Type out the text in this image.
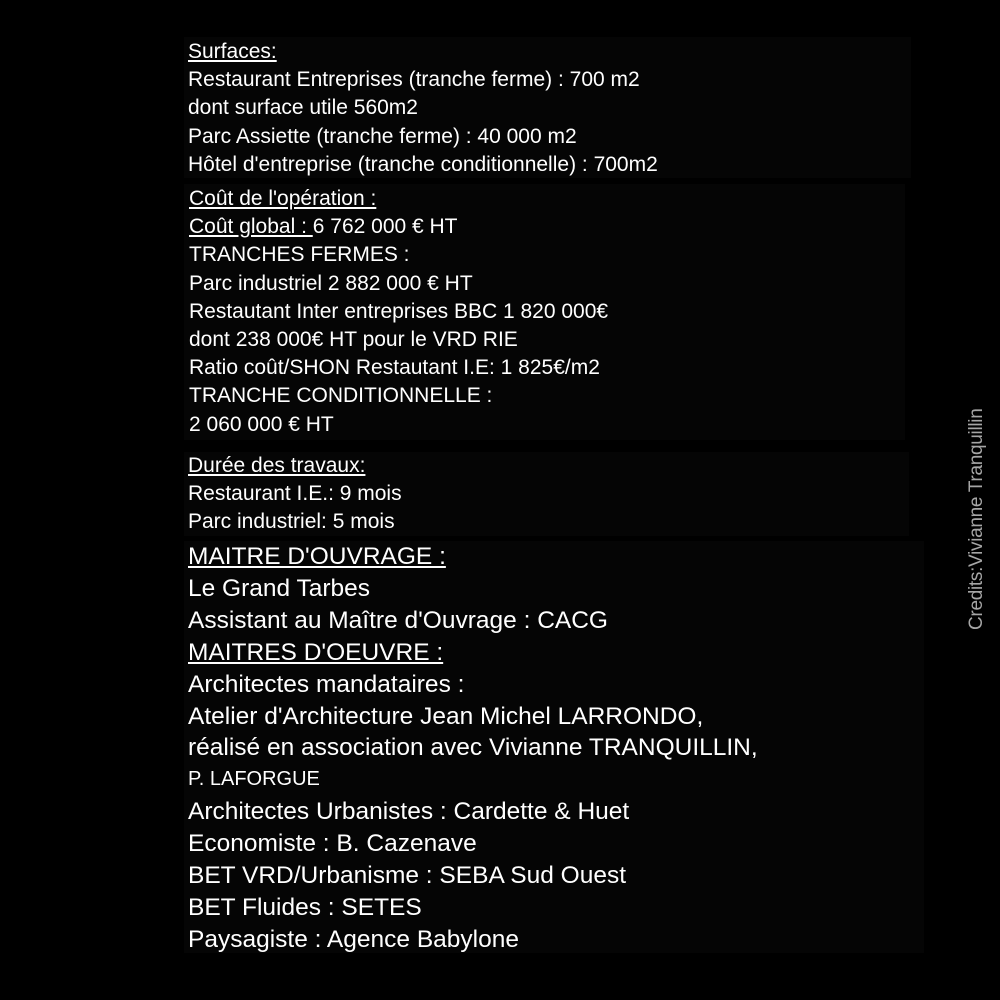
Surfaces:
Restaurant Entreprises (tranche ferme) : 700 m2
dont surface utile 560m2
Parc Assiette (tranche ferme) : 40 000 m2
Hôtel d'entreprise (tranche conditionnelle) : 700m2
Coût de l'opération :
Coût global : 6 762 000 € HT
TRANCHES FERMES :
Parc industriel 2 882 000 € HT
Restautant Inter entreprises BBC 1 820 000€
dont 238 000€ HT pour le VRD RIE
Ratio coût/SHON Restautant I.E: 1 825€/m2
TRANCHE CONDITIONNELLE :
2 060 000 € HT
Durée des travaux:
Restaurant I.E.: 9 mois
Parc industriel: 5 mois
MAITRE D'OUVRAGE :
Le Grand Tarbes
Assistant au Maître d'Ouvrage : CACG
MAITRES D'OEUVRE :
Architectes mandataires :
Atelier d'Architecture Jean Michel LARRONDO,
réalisé en association avec Vivianne TRANQUILLIN,
P. LAFORGUE
Architectes Urbanistes : Cardette & Huet
Economiste : B. Cazenave
BET VRD/Urbanisme : SEBA Sud Ouest
BET Fluides : SETES
Paysagiste : Agence Babylone
Credits:Vivianne Tranquillin
